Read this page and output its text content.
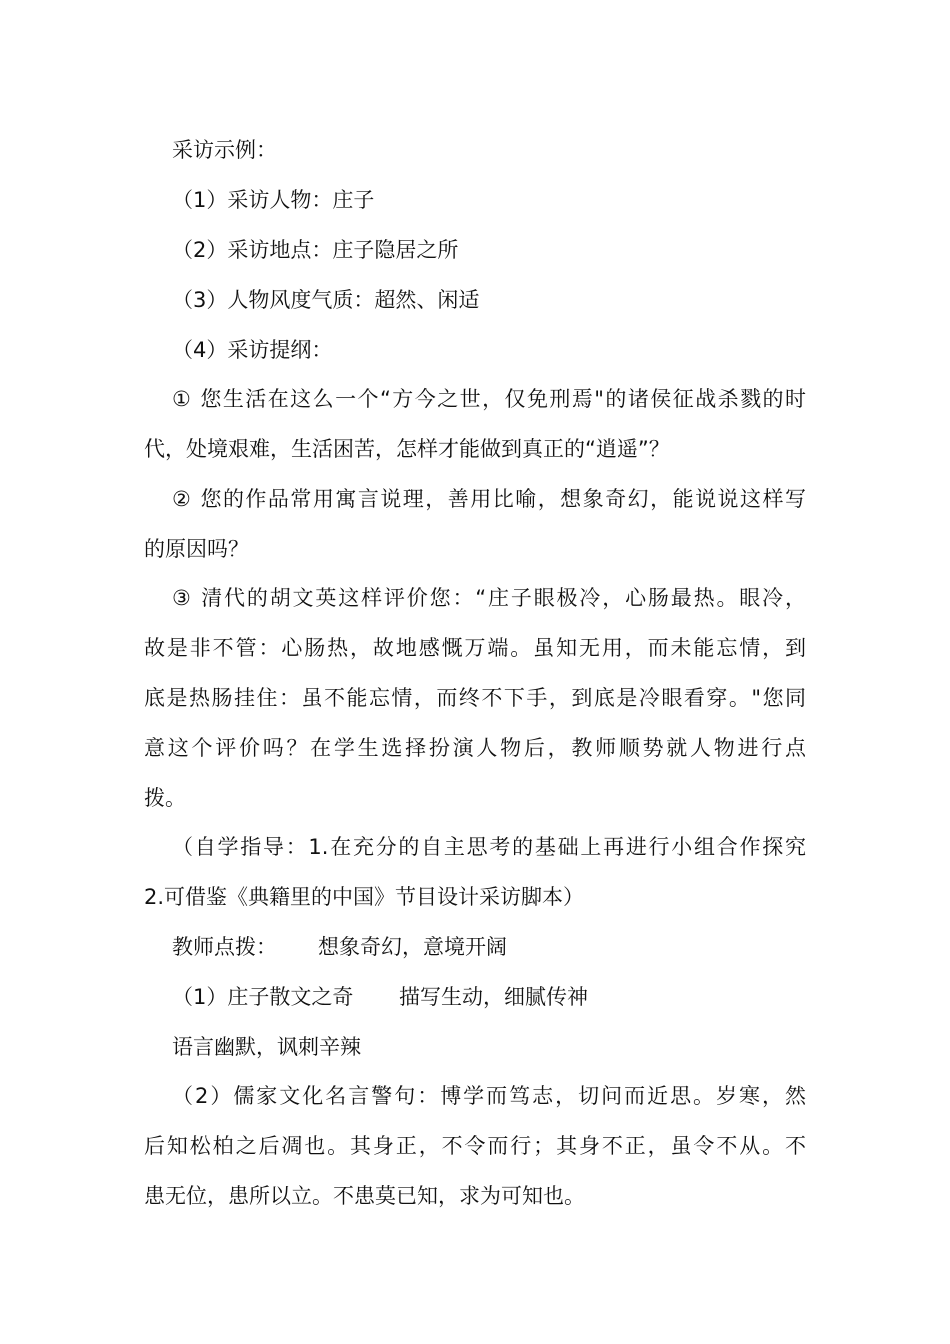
采访示例：
（1）采访人物：庄子
（2）采访地点：庄子隐居之所
（3）人物风度气质：超然、闲适
（4）采访提纲：
① 您生活在这么一个“方今之世，仅免刑焉"的诸侯征战杀戮的时
代，处境艰难，生活困苦，怎样才能做到真正的“逍遥”？
② 您的作品常用寓言说理，善用比喻，想象奇幻，能说说这样写
的原因吗？
③ 清代的胡文英这样评价您：“庄子眼极冷，心肠最热。眼冷，
故是非不管：心肠热，故地感慨万端。虽知无用，而未能忘情，到
底是热肠挂住：虽不能忘情，而终不下手，到底是冷眼看穿。"您同
意这个评价吗？在学生选择扮演人物后，教师顺势就人物进行点
拨。
（自学指导：1.在充分的自主思考的基础上再进行小组合作探究
2.可借鉴《典籍里的中国》节目设计采访脚本）
教师点拨：	想象奇幻，意境开阔
（1）庄子散文之奇	描写生动，细腻传神
语言幽默，讽刺辛辣
（2）儒家文化名言警句：博学而笃志，切问而近思。岁寒，然
后知松柏之后凋也。其身正，不令而行；其身不正，虽令不从。不
患无位，患所以立。不患莫已知，求为可知也。
